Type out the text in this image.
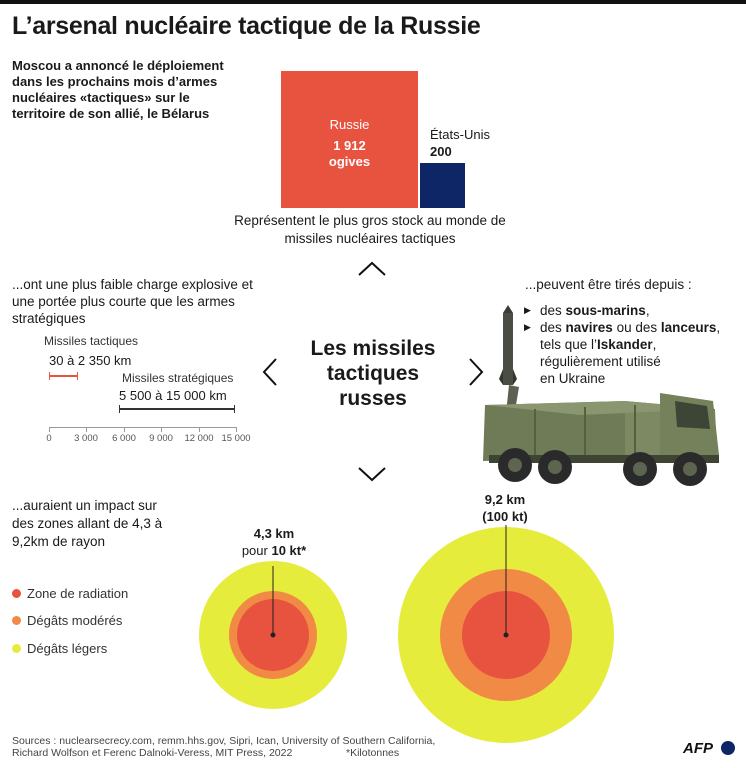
L’arsenal nucléaire tactique de la Russie
Moscou a annoncé le déploiement dans les prochains mois d’armes nucléaires «tactiques» sur le territoire de son allié, le Bélarus
Russie
1 912
ogives
États-Unis
200
Représentent le plus gros stock au monde de missiles nucléaires tactiques
Les missiles
tactiques
russes
...ont une plus faible charge explosive et une portée plus courte que les armes stratégiques
Missiles tactiques
30 à 2 350 km
Missiles stratégiques
5 500 à 15 000 km
0 3 000 6 000 9 000 12 000 15 000
...peuvent être tirés depuis :
▶ des sous-marins,
▶ des navires ou des lanceurs,
tels que l’Iskander,
régulièrement utilisé
en Ukraine
...auraient un impact sur des zones allant de 4,3 à 9,2km de rayon
Zone de radiation
Dégâts modérés
Dégâts légers
4,3 km
pour 10 kt*
9,2 km
(100 kt)
Sources : nuclearsecrecy.com, remm.hhs.gov, Sipri, Ican, University of Southern California,
Richard Wolfson et Ferenc Dalnoki-Veress, MIT Press, 2022	*Kilotonnes	AFP
